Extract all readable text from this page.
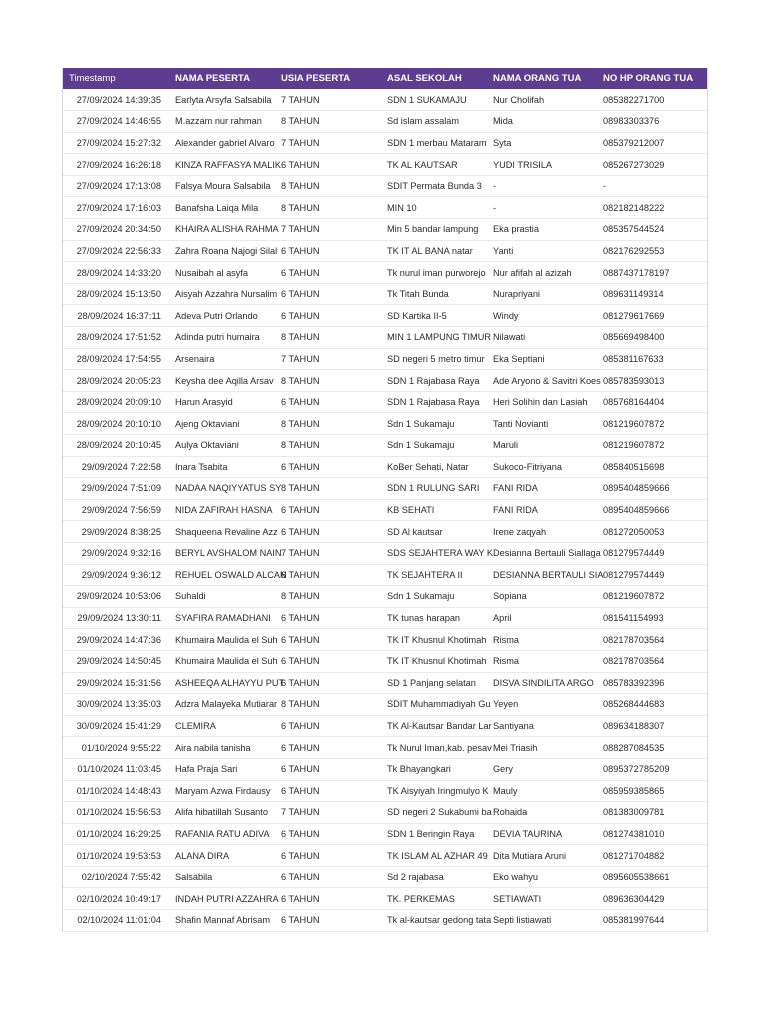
Timestamp	NAMA PESERTA	USIA PESERTA	ASAL SEKOLAH	NAMA ORANG TUA	NO HP ORANG TUA
27/09/2024 14:39:35	Earlyta Arsyfa Salsabila	7 TAHUN	SDN 1 SUKAMAJU	Nur Cholifah	085382271700
27/09/2024 14:46:55	M.azzam nur rahman	8 TAHUN	Sd islam assalam	Mida	08983303376
27/09/2024 15:27:32	Alexander gabriel Alvaro	7 TAHUN	SDN 1 merbau Mataram	Syta	085379212007
27/09/2024 16:26:18	KINZA RAFFASYA MALIK	6 TAHUN	TK AL KAUTSAR	YUDI TRISILA	085267273029
27/09/2024 17:13:08	Falsya Moura Salsabila	8 TAHUN	SDIT Permata Bunda 3	-	-
27/09/2024 17:16:03	Banafsha Laiqa Mila	8 TAHUN	MIN 10	-	082182148222
27/09/2024 20:34:50	KHAIRA ALISHA RAHMA	7 TAHUN	Min 5 bandar lampung	Eka prastia	085357544524
27/09/2024 22:56:33	Zahra Roana Najogi Silal	6 TAHUN	TK IT AL BANA natar	Yanti	082176292553
28/09/2024 14:33:20	Nusaibah al asyfa	6 TAHUN	Tk nurul iman purworejo	Nur afifah al azizah	0887437178197
28/09/2024 15:13:50	Aisyah Azzahra Nursalim	6 TAHUN	Tk Titah Bunda	Nurapriyani	089631149314
28/09/2024 16:37:11	Adeva Putri Orlando	6 TAHUN	SD Kartika II-5	Windy	081279617669
28/09/2024 17:51:52	Adinda putri humaira	8 TAHUN	MIN 1 LAMPUNG TIMUR	Nilawati	085669498400
28/09/2024 17:54:55	Arsenaira	7 TAHUN	SD negeri 5 metro timur	Eka Septiani	085381167633
28/09/2024 20:05:23	Keysha dee Aqilla Arsav	8 TAHUN	SDN 1 Rajabasa Raya	Ade Aryono & Savitri Koes	085783593013
28/09/2024 20:09:10	Harun Arasyid	6 TAHUN	SDN 1 Rajabasa Raya	Heri Solihin dan Lasiah	085768164404
28/09/2024 20:10:10	Ajeng Oktaviani	8 TAHUN	Sdn 1 Sukamaju	Tanti Novianti	081219607872
28/09/2024 20:10:45	Aulya Oktaviani	8 TAHUN	Sdn 1 Sukamaju	Maruli	081219607872
29/09/2024 7:22:58	Inara Tsabita	6 TAHUN	KoBer Sehati, Natar	Sukoco-Fitriyana	085840515698
29/09/2024 7:51:09	NADAA NAQIYYATUS SY	8 TAHUN	SDN 1 RULUNG SARI	FANI RIDA	0895404859666
29/09/2024 7:56:59	NIDA ZAFIRAH HASNA	6 TAHUN	KB SEHATI	FANI RIDA	0895404859666
29/09/2024 8:38:25	Shaqueena Revaline Azz	6 TAHUN	SD Al kautsar	Irene zaqyah	081272050053
29/09/2024 9:32:16	BERYL AVSHALOM NAIN	7 TAHUN	SDS SEJAHTERA WAY K	Desianna Bertauli Siallaga	081279574449
29/09/2024 9:36:12	REHUEL OSWALD ALCAN	6 TAHUN	TK SEJAHTERA II	DESIANNA BERTAULI SIA	081279574449
29/09/2024 10:53:06	Suhaldi	8 TAHUN	Sdn 1 Sukamaju	Sopiana	081219607872
29/09/2024 13:30:11	SYAFIRA RAMADHANI	6 TAHUN	TK tunas harapan	April	081541154993
29/09/2024 14:47:36	Khumaira Maulida el Suh	6 TAHUN	TK IT Khusnul Khotimah	Risma	082178703564
29/09/2024 14:50:45	Khumaira Maulida el Suh	6 TAHUN	TK IT Khusnul Khotimah	Risma	082178703564
29/09/2024 15:31:56	ASHEEQA ALHAYYU PUT	6 TAHUN	SD 1 Panjang selatan	DISVA SINDILITA ARGO	085783392396
30/09/2024 13:35:03	Adzra Malayeka Mutiarar	8 TAHUN	SDIT Muhammadiyah Gu	Yeyen	085268444683
30/09/2024 15:41:29	CLEMIRA	6 TAHUN	TK Al-Kautsar Bandar Lar	Santiyana	089634188307
01/10/2024 9:55:22	Aira nabila tanisha	6 TAHUN	Tk Nurul Iman,kab. pesav	Mei Triasih	088287084535
01/10/2024 11:03:45	Hafa Praja Sari	6 TAHUN	Tk Bhayangkari	Gery	0895372785209
01/10/2024 14:48:43	Maryam Azwa Firdausy	6 TAHUN	TK Aisyiyah Iringmulyo K	Mauly	085959385865
01/10/2024 15:56:53	Alifa hibatillah Susanto	7 TAHUN	SD negeri 2 Sukabumi ba	Rohaida	081383009781
01/10/2024 16:29:25	RAFANIA RATU ADIVA	6 TAHUN	SDN 1 Beringin Raya	DEVIA TAURINA	081274381010
01/10/2024 19:53:53	ALANA DIRA	6 TAHUN	TK ISLAM AL AZHAR 49	Dita Mutiara Aruni	081271704882
02/10/2024 7:55:42	Salsabila	6 TAHUN	Sd 2 rajabasa	Eko wahyu	0895605538661
02/10/2024 10:49:17	INDAH PUTRI AZZAHRA	6 TAHUN	TK. PERKEMAS	SETIAWATI	089636304429
02/10/2024 11:01:04	Shafin Mannaf Abrisam	6 TAHUN	Tk al-kautsar gedong tata	Septi listiawati	085381997644
